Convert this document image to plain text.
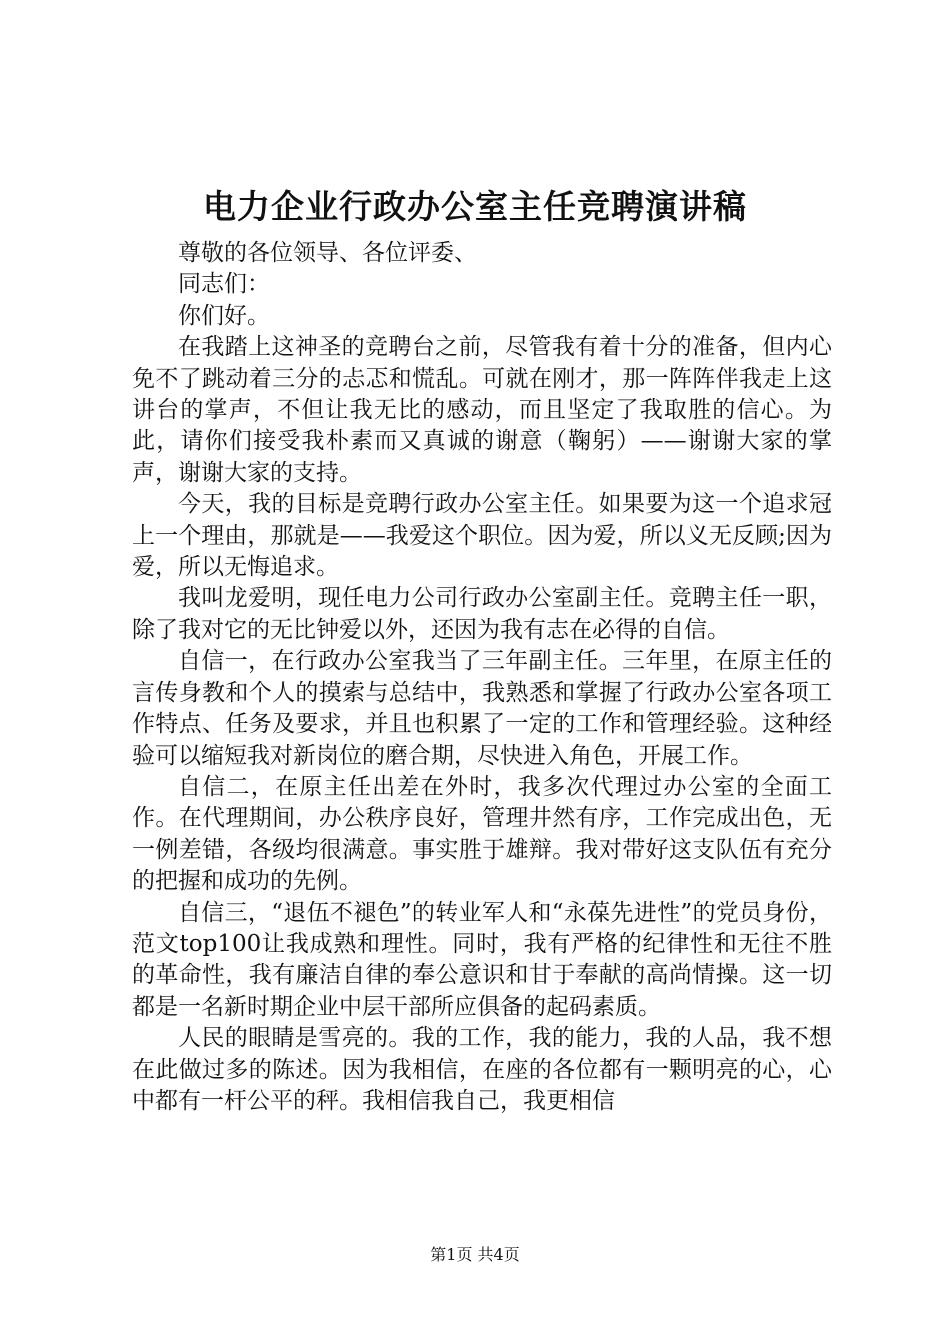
电力企业行政办公室主任竞聘演讲稿

尊敬的各位领导、各位评委、

同志们：

你们好。

在我踏上这神圣的竞聘台之前，尽管我有着十分的准备，但内心免不了跳动着三分的忐忑和慌乱。可就在刚才，那一阵阵伴我走上这讲台的掌声，不但让我无比的感动，而且坚定了我取胜的信心。为此，请你们接受我朴素而又真诚的谢意（鞠躬）——谢谢大家的掌声，谢谢大家的支持。

今天，我的目标是竞聘行政办公室主任。如果要为这一个追求冠上一个理由，那就是——我爱这个职位。因为爱，所以义无反顾;因为爱，所以无悔追求。

我叫龙爱明，现任电力公司行政办公室副主任。竞聘主任一职，除了我对它的无比钟爱以外，还因为我有志在必得的自信。

自信一，在行政办公室我当了三年副主任。三年里，在原主任的言传身教和个人的摸索与总结中，我熟悉和掌握了行政办公室各项工作特点、任务及要求，并且也积累了一定的工作和管理经验。这种经验可以缩短我对新岗位的磨合期，尽快进入角色，开展工作。

自信二，在原主任出差在外时，我多次代理过办公室的全面工作。在代理期间，办公秩序良好，管理井然有序，工作完成出色，无一例差错，各级均很满意。事实胜于雄辩。我对带好这支队伍有充分的把握和成功的先例。

自信三，“退伍不褪色”的转业军人和“永葆先进性”的党员身份，范文top100让我成熟和理性。同时，我有严格的纪律性和无往不胜的革命性，我有廉洁自律的奉公意识和甘于奉献的高尚情操。这一切都是一名新时期企业中层干部所应俱备的起码素质。

人民的眼睛是雪亮的。我的工作，我的能力，我的人品，我不想在此做过多的陈述。因为我相信，在座的各位都有一颗明亮的心，心中都有一杆公平的秤。我相信我自己，我更相信

第1页 共4页
